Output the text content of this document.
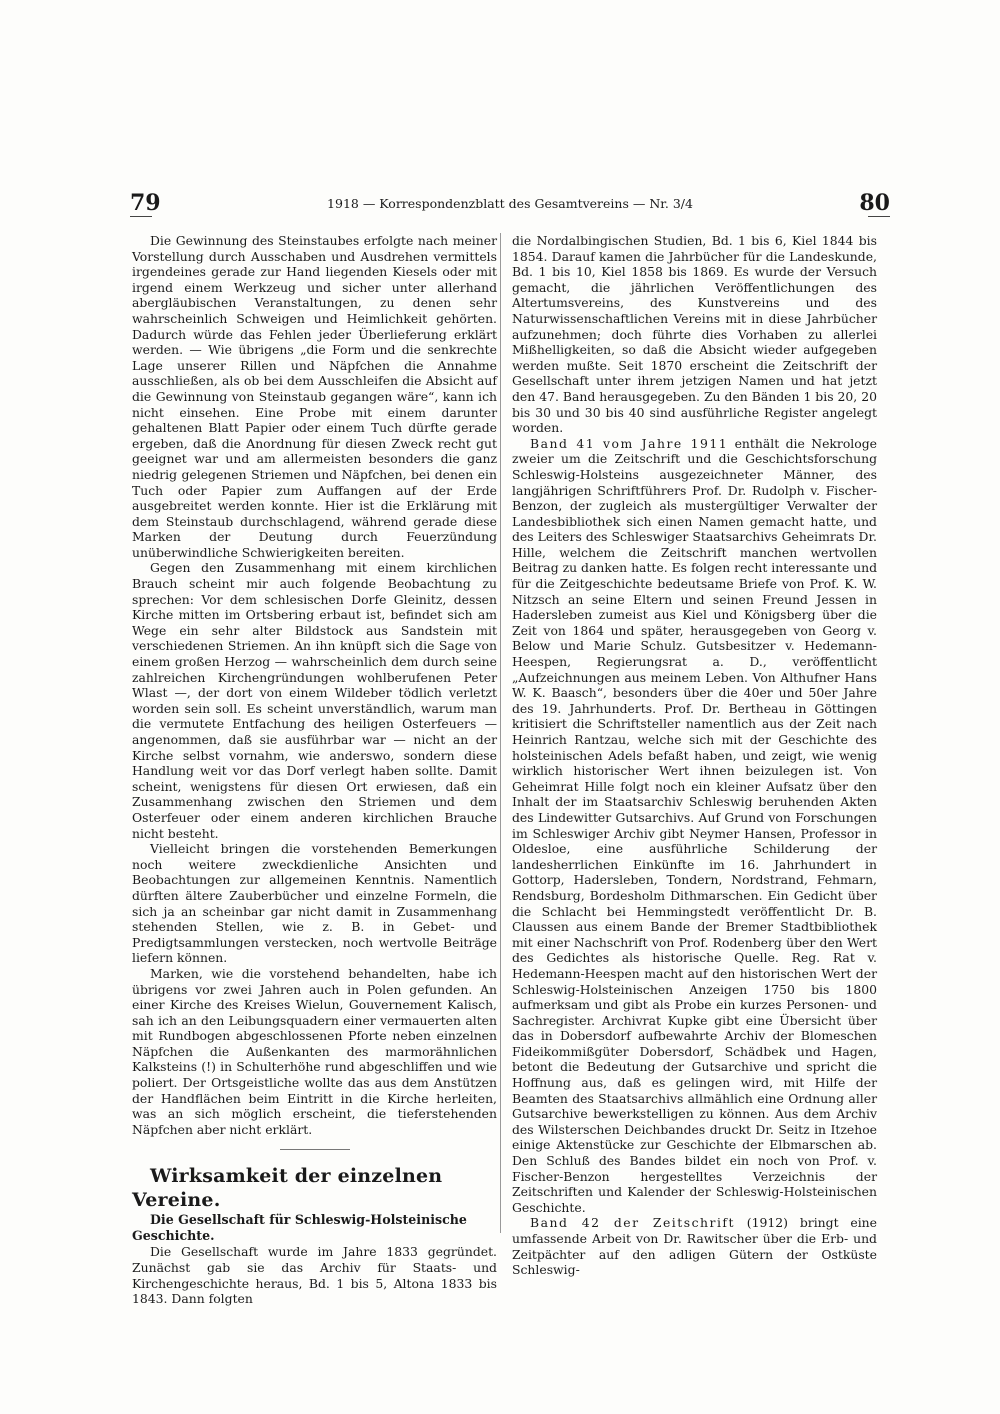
79	1918 — Korrespondenzblatt des Gesamtvereins — Nr. 3/4	80

Die Gewinnung des Steinstaubes erfolgte nach meiner Vorstellung durch Ausschaben und Ausdrehen vermittels irgendeines gerade zur Hand liegenden Kiesels oder mit irgend einem Werkzeug und sicher unter allerhand abergläubischen Veranstaltungen, zu denen sehr wahrscheinlich Schweigen und Heimlichkeit gehörten. Dadurch würde das Fehlen jeder Überlieferung erklärt werden. — Wie übrigens „die Form und die senkrechte Lage unserer Rillen und Näpfchen die Annahme ausschließen, als ob bei dem Ausschleifen die Absicht auf die Gewinnung von Steinstaub gegangen wäre“, kann ich nicht einsehen. Eine Probe mit einem darunter gehaltenen Blatt Papier oder einem Tuch dürfte gerade ergeben, daß die Anordnung für diesen Zweck recht gut geeignet war und am allermeisten besonders die ganz niedrig gelegenen Striemen und Näpfchen, bei denen ein Tuch oder Papier zum Auffangen auf der Erde ausgebreitet werden konnte. Hier ist die Erklärung mit dem Steinstaub durchschlagend, während gerade diese Marken der Deutung durch Feuerzündung unüberwindliche Schwierigkeiten bereiten.

Gegen den Zusammenhang mit einem kirchlichen Brauch scheint mir auch folgende Beobachtung zu sprechen: Vor dem schlesischen Dorfe Gleinitz, dessen Kirche mitten im Ortsbering erbaut ist, befindet sich am Wege ein sehr alter Bildstock aus Sandstein mit verschiedenen Striemen. An ihn knüpft sich die Sage von einem großen Herzog — wahrscheinlich dem durch seine zahlreichen Kirchengründungen wohlberufenen Peter Wlast —, der dort von einem Wildeber tödlich verletzt worden sein soll. Es scheint unverständlich, warum man die vermutete Entfachung des heiligen Osterfeuers — angenommen, daß sie ausführbar war — nicht an der Kirche selbst vornahm, wie anderswo, sondern diese Handlung weit vor das Dorf verlegt haben sollte. Damit scheint, wenigstens für diesen Ort erwiesen, daß ein Zusammenhang zwischen den Striemen und dem Osterfeuer oder einem anderen kirchlichen Brauche nicht besteht.

Vielleicht bringen die vorstehenden Bemerkungen noch weitere zweckdienliche Ansichten und Beobachtungen zur allgemeinen Kenntnis. Namentlich dürften ältere Zauberbücher und einzelne Formeln, die sich ja an scheinbar gar nicht damit in Zusammenhang stehenden Stellen, wie z. B. in Gebet- und Predigtsammlungen verstecken, noch wertvolle Beiträge liefern können.

Marken, wie die vorstehend behandelten, habe ich übrigens vor zwei Jahren auch in Polen gefunden. An einer Kirche des Kreises Wielun, Gouvernement Kalisch, sah ich an den Leibungsquadern einer vermauerten alten mit Rundbogen abgeschlossenen Pforte neben einzelnen Näpfchen die Außenkanten des marmorähnlichen Kalksteins (!) in Schulterhöhe rund abgeschliffen und wie poliert. Der Ortsgeistliche wollte das aus dem Anstützen der Handflächen beim Eintritt in die Kirche herleiten, was an sich möglich erscheint, die tieferstehenden Näpfchen aber nicht erklärt.

Wirksamkeit der einzelnen Vereine.

Die Gesellschaft für Schleswig-Holsteinische Geschichte.

Die Gesellschaft wurde im Jahre 1833 gegründet. Zunächst gab sie das Archiv für Staats- und Kirchengeschichte heraus, Bd. 1 bis 5, Altona 1833 bis 1843. Dann folgten

die Nordalbingischen Studien, Bd. 1 bis 6, Kiel 1844 bis 1854. Darauf kamen die Jahrbücher für die Landeskunde, Bd. 1 bis 10, Kiel 1858 bis 1869. Es wurde der Versuch gemacht, die jährlichen Veröffentlichungen des Altertumsvereins, des Kunstvereins und des Naturwissenschaftlichen Vereins mit in diese Jahrbücher aufzunehmen; doch führte dies Vorhaben zu allerlei Mißhelligkeiten, so daß die Absicht wieder aufgegeben werden mußte. Seit 1870 erscheint die Zeitschrift der Gesellschaft unter ihrem jetzigen Namen und hat jetzt den 47. Band herausgegeben. Zu den Bänden 1 bis 20, 20 bis 30 und 30 bis 40 sind ausführliche Register angelegt worden.

Band 41 vom Jahre 1911 enthält die Nekrologe zweier um die Zeitschrift und die Geschichtsforschung Schleswig-Holsteins ausgezeichneter Männer, des langjährigen Schriftführers Prof. Dr. Rudolph v. Fischer-Benzon, der zugleich als mustergültiger Verwalter der Landesbibliothek sich einen Namen gemacht hatte, und des Leiters des Schleswiger Staatsarchivs Geheimrats Dr. Hille, welchem die Zeitschrift manchen wertvollen Beitrag zu danken hatte. Es folgen recht interessante und für die Zeitgeschichte bedeutsame Briefe von Prof. K. W. Nitzsch an seine Eltern und seinen Freund Jessen in Hadersleben zumeist aus Kiel und Königsberg über die Zeit von 1864 und später, herausgegeben von Georg v. Below und Marie Schulz. Gutsbesitzer v. Hedemann-Heespen, Regierungsrat a. D., veröffentlicht „Aufzeichnungen aus meinem Leben. Von Althufner Hans W. K. Baasch“, besonders über die 40er und 50er Jahre des 19. Jahrhunderts. Prof. Dr. Bertheau in Göttingen kritisiert die Schriftsteller namentlich aus der Zeit nach Heinrich Rantzau, welche sich mit der Geschichte des holsteinischen Adels befaßt haben, und zeigt, wie wenig wirklich historischer Wert ihnen beizulegen ist. Von Geheimrat Hille folgt noch ein kleiner Aufsatz über den Inhalt der im Staatsarchiv Schleswig beruhenden Akten des Lindewitter Gutsarchivs. Auf Grund von Forschungen im Schleswiger Archiv gibt Neymer Hansen, Professor in Oldesloe, eine ausführliche Schilderung der landesherrlichen Einkünfte im 16. Jahrhundert in Gottorp, Hadersleben, Tondern, Nordstrand, Fehmarn, Rendsburg, Bordesholm Dithmarschen. Ein Gedicht über die Schlacht bei Hemmingstedt veröffentlicht Dr. B. Claussen aus einem Bande der Bremer Stadtbibliothek mit einer Nachschrift von Prof. Rodenberg über den Wert des Gedichtes als historische Quelle. Reg. Rat v. Hedemann-Heespen macht auf den historischen Wert der Schleswig-Holsteinischen Anzeigen 1750 bis 1800 aufmerksam und gibt als Probe ein kurzes Personen- und Sachregister. Archivrat Kupke gibt eine Übersicht über das in Dobersdorf aufbewahrte Archiv der Blomeschen Fideikommißgüter Dobersdorf, Schädbek und Hagen, betont die Bedeutung der Gutsarchive und spricht die Hoffnung aus, daß es gelingen wird, mit Hilfe der Beamten des Staatsarchivs allmählich eine Ordnung aller Gutsarchive bewerkstelligen zu können. Aus dem Archiv des Wilsterschen Deichbandes druckt Dr. Seitz in Itzehoe einige Aktenstücke zur Geschichte der Elbmarschen ab. Den Schluß des Bandes bildet ein noch von Prof. v. Fischer-Benzon hergestelltes Verzeichnis der Zeitschriften und Kalender der Schleswig-Holsteinischen Geschichte.

Band 42 der Zeitschrift (1912) bringt eine umfassende Arbeit von Dr. Rawitscher über die Erb- und Zeitpächter auf den adligen Gütern der Ostküste Schleswig-
